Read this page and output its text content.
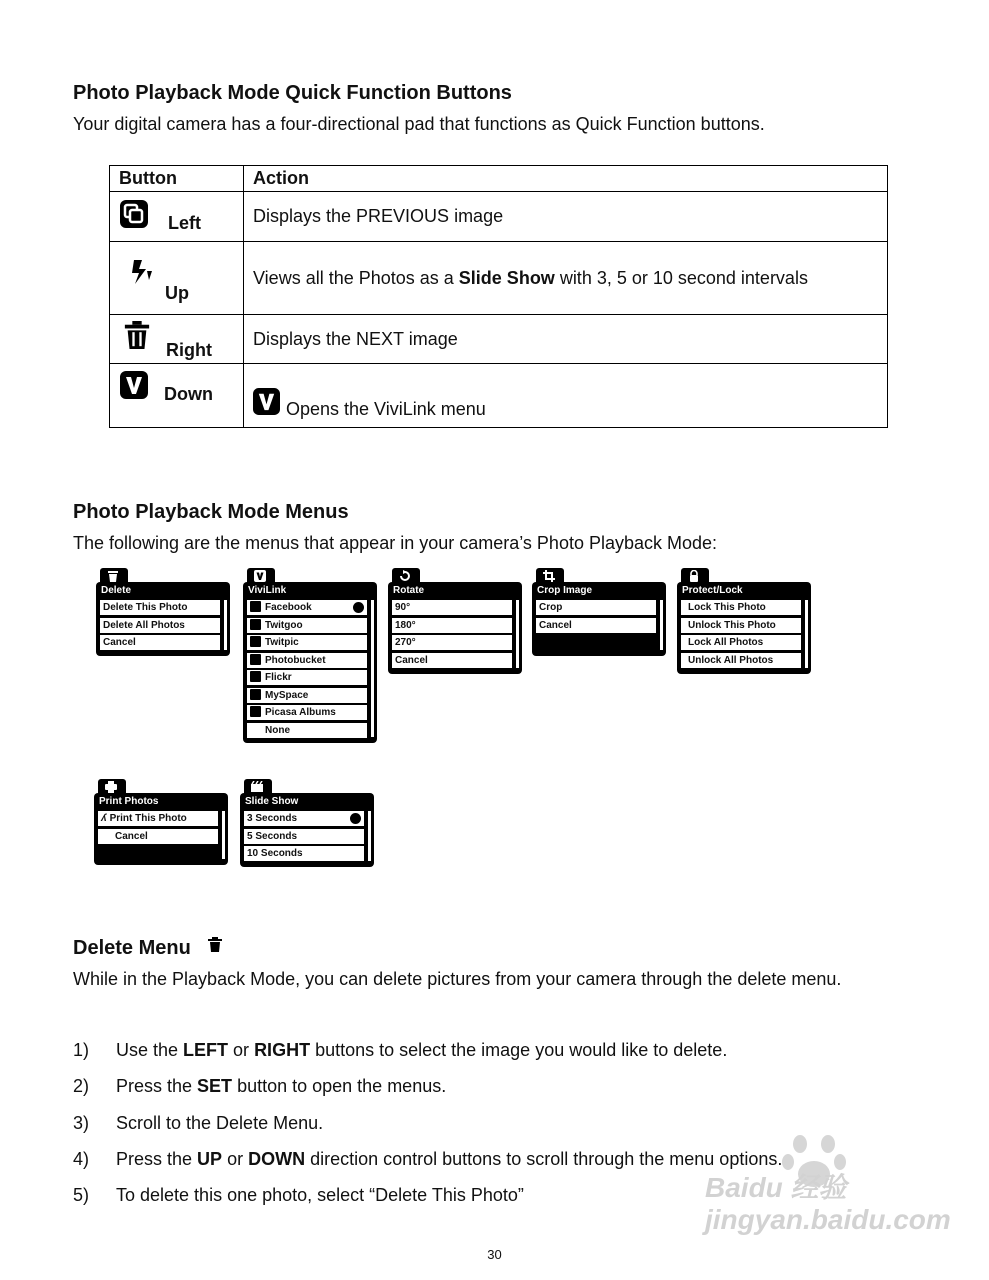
Photo Playback Mode Quick Function Buttons

Your digital camera has a four-directional pad that functions as Quick Function buttons.

Button	Action

Left	Displays the PREVIOUS image

Up	Views all the Photos as a Slide Show with 3, 5 or 10 second intervals

Right	Displays the NEXT image

Down	Opens the ViviLink menu
Photo Playback Mode Menus

The following are the menus that appear in your camera’s Photo Playback Mode:

Delete
Delete This Photo
Delete All Photos
Cancel
ViviLink
Facebook
Twitgoo
Twitpic
Photobucket
Flickr
MySpace
Picasa Albums
None
Rotate
90°
180°
270°
Cancel
Crop Image
Crop
Cancel
Protect/Lock
Lock This Photo
Unlock This Photo
Lock All Photos
Unlock All Photos
Print Photos
ʎ Print This Photo
Cancel
Slide Show
3 Seconds
5 Seconds
10 Seconds
Delete Menu

While in the Playback Mode, you can delete pictures from your camera through the delete menu.

1) Use the LEFT or RIGHT buttons to select the image you would like to delete.
2) Press the SET button to open the menus.
3) Scroll to the Delete Menu.
4) Press the UP or DOWN direction control buttons to scroll through the menu options.
5) To delete this one photo, select “Delete This Photo”	Baidu 经验 jingyan.baidu.com
30
